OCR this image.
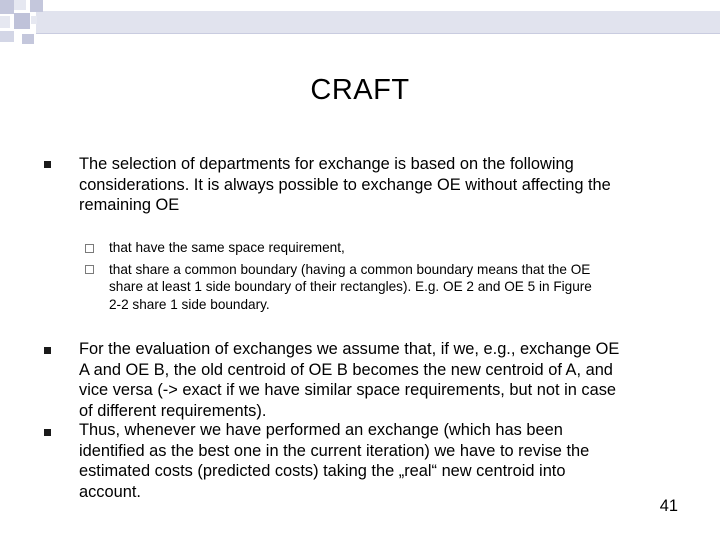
CRAFT
The selection of departments for exchange is based on the following
considerations. It is always possible to exchange OE without affecting the
remaining OE
that have the same space requirement,
that share a common boundary (having a common boundary means that the OE
share at least 1 side boundary of their rectangles). E.g. OE 2 and OE 5 in Figure
2‑2 share 1 side boundary.
For the evaluation of exchanges we assume that, if we, e.g., exchange OE
A and OE B, the old centroid of OE B becomes the new centroid of A, and
vice versa (-> exact if we have similar space requirements, but not in case
of different requirements).
Thus, whenever we have performed an exchange (which has been
identified as the best one in the current iteration) we have to revise the
estimated costs (predicted costs) taking the „real“ new centroid into
account.
41
